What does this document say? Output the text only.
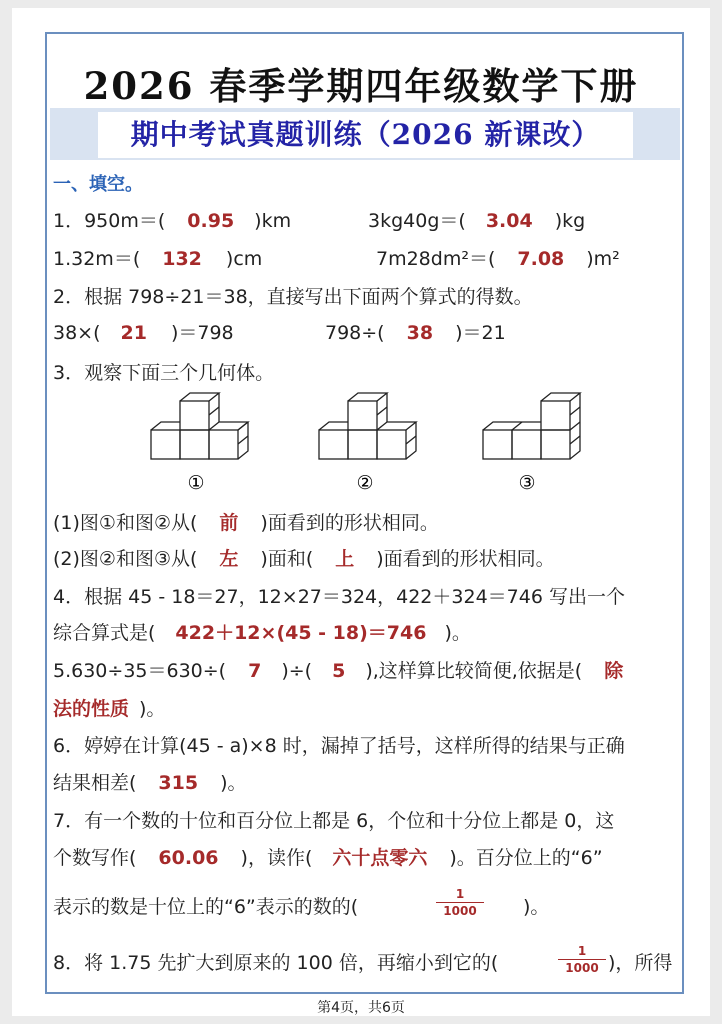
2026 春季学期四年级数学下册
期中考试真题训练（2026 新课改）
一、填空。
1．950m＝( 0.95 )km	3kg40g＝( 3.04 )kg
1.32m＝( 132 )cm	7m28dm²＝( 7.08 )m²
2．根据 798÷21＝38，直接写出下面两个算式的得数。
38×( 21 )＝798	798÷( 38 )＝21
3．观察下面三个几何体。
①	②	③
(1)图①和图②从( 前 )面看到的形状相同。
(2)图②和图③从( 左 )面和( 上 )面看到的形状相同。
4．根据 45 - 18＝27，12×27＝324，422＋324＝746 写出一个
综合算式是( 422＋12×(45 - 18)＝746 )。
5.630÷35＝630÷( 7 )÷( 5 ),这样算比较简便,依据是( 除
法的性质 )。
6．婷婷在计算(45 - a)×8 时，漏掉了括号，这样所得的结果与正确
结果相差( 315 )。
7．有一个数的十位和百分位上都是 6，个位和十分位上都是 0，这
个数写作( 60.06 )，读作( 六十点零六 )。百分位上的“6”
表示的数是十位上的“6”表示的数的(
1
1000	)。
8．将 1.75 先扩大到原来的 100 倍，再缩小到它的(
1
1000 )，所得
第4页，共6页
